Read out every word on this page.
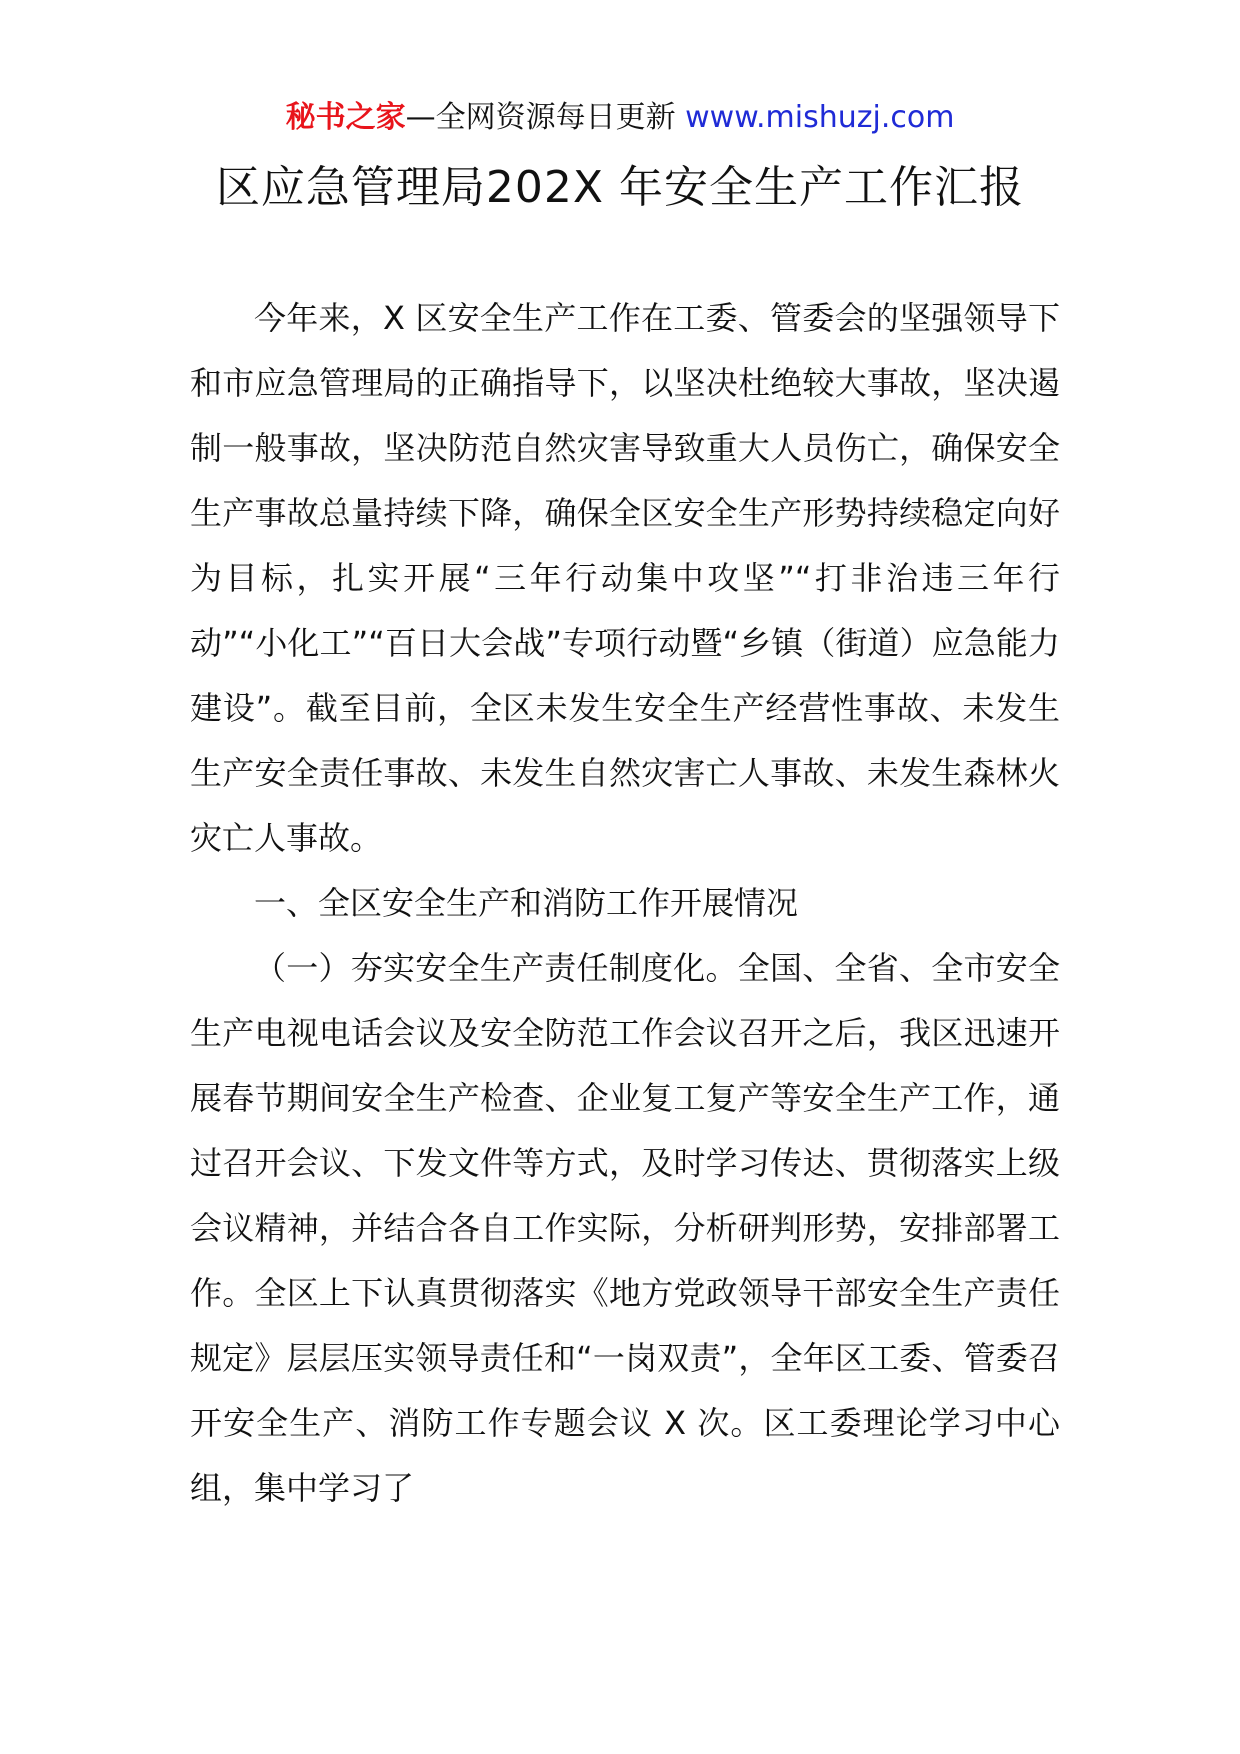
秘书之家—全网资源每日更新 www.mishuzj.com
区应急管理局202X 年安全生产工作汇报

今年来，X 区安全生产工作在工委、管委会的坚强领导下和市应急管理局的正确指导下，以坚决杜绝较大事故，坚决遏制一般事故，坚决防范自然灾害导致重大人员伤亡，确保安全生产事故总量持续下降，确保全区安全生产形势持续稳定向好为目标，扎实开展“三年行动集中攻坚”“打非治违三年行动”“小化工”“百日大会战”专项行动暨“乡镇（街道）应急能力建设”。截至目前，全区未发生安全生产经营性事故、未发生生产安全责任事故、未发生自然灾害亡人事故、未发生森林火灾亡人事故。

一、全区安全生产和消防工作开展情况

（一）夯实安全生产责任制度化。全国、全省、全市安全生产电视电话会议及安全防范工作会议召开之后，我区迅速开展春节期间安全生产检查、企业复工复产等安全生产工作，通过召开会议、下发文件等方式，及时学习传达、贯彻落实上级会议精神，并结合各自工作实际，分析研判形势，安排部署工作。全区上下认真贯彻落实《地方党政领导干部安全生产责任规定》层层压实领导责任和“一岗双责”，全年区工委、管委召开安全生产、消防工作专题会议 X 次。区工委理论学习中心组，集中学习了
